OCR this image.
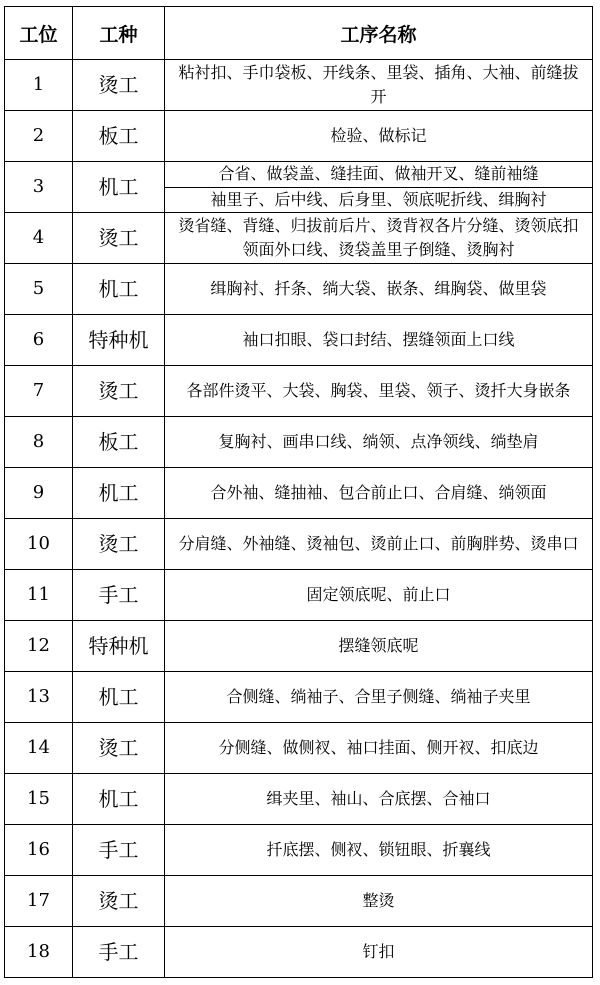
工位	工种	工序名称
1	烫工	粘衬扣、手巾袋板、开线条、里袋、插角、大袖、前缝拔开
2	板工	检验、做标记
3	机工	合省、做袋盖、缝挂面、做袖开叉、缝前袖缝
		袖里子、后中线、后身里、领底呢折线、缉胸衬
4	烫工	烫省缝、背缝、归拔前后片、烫背衩各片分缝、烫领底扣领面外口线、烫袋盖里子倒缝、烫胸衬
5	机工	缉胸衬、扦条、绱大袋、嵌条、缉胸袋、做里袋
6	特种机	袖口扣眼、袋口封结、摆缝领面上口线
7	烫工	各部件烫平、大袋、胸袋、里袋、领子、烫扦大身嵌条
8	板工	复胸衬、画串口线、绱领、点净领线、绱垫肩
9	机工	合外袖、缝抽袖、包合前止口、合肩缝、绱领面
10	烫工	分肩缝、外袖缝、烫袖包、烫前止口、前胸胖势、烫串口
11	手工	固定领底呢、前止口
12	特种机	摆缝领底呢
13	机工	合侧缝、绱袖子、合里子侧缝、绱袖子夹里
14	烫工	分侧缝、做侧衩、袖口挂面、侧开衩、扣底边
15	机工	缉夹里、袖山、合底摆、合袖口
16	手工	扦底摆、侧衩、锁钮眼、折襄线
17	烫工	整烫
18	手工	钉扣
